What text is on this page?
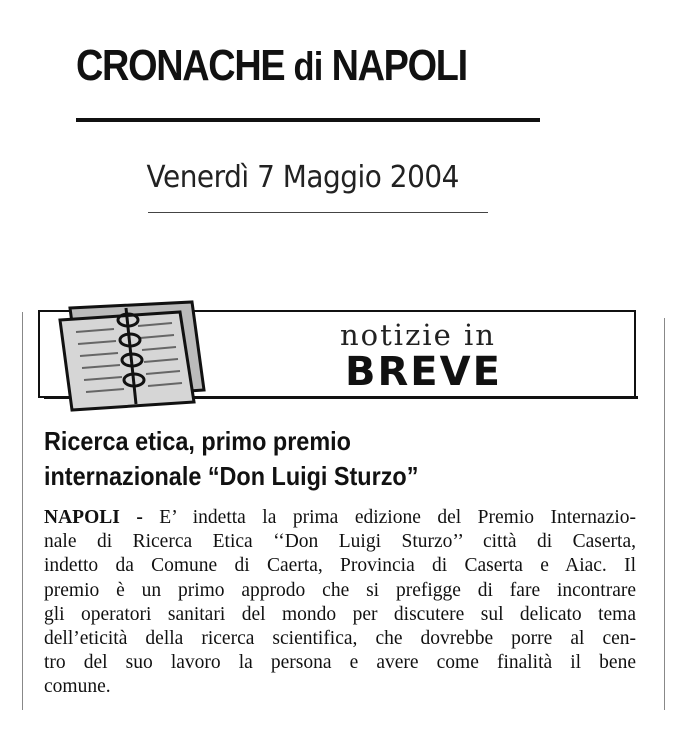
CRONACHE di NAPOLI
Venerdì 7 Maggio 2004
notizie in
BREVE
Ricerca etica, primo premio
internazionale “Don Luigi Sturzo”
NAPOLI - E’ indetta la prima edizione del Premio Internazio-
nale di Ricerca Etica ‘‘Don Luigi Sturzo’’ città di Caserta,
indetto da Comune di Caerta, Provincia di Caserta e Aiac. Il
premio è un primo approdo che si prefigge di fare incontrare
gli operatori sanitari del mondo per discutere sul delicato tema
dell’eticità della ricerca scientifica, che dovrebbe porre al cen-
tro del suo lavoro la persona e avere come finalità il bene
comune.
